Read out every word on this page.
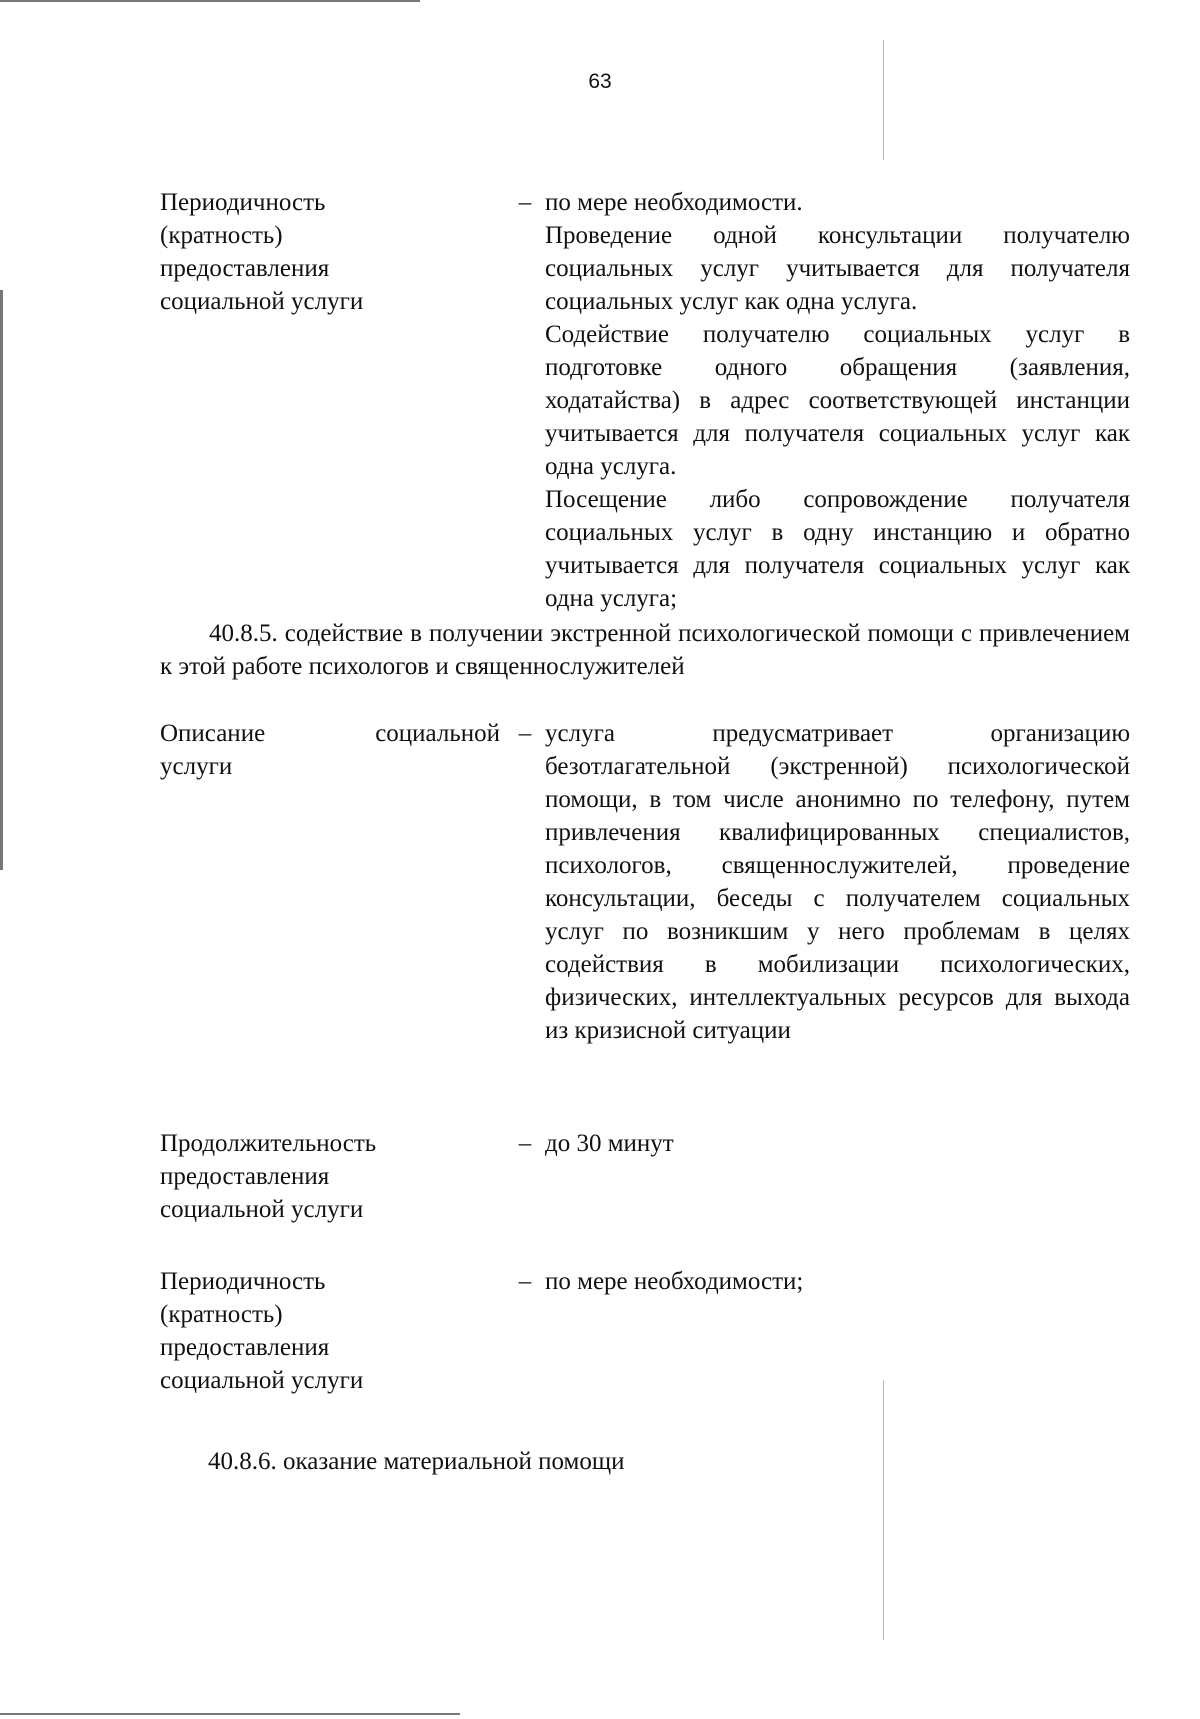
63
Периодичность (кратность) предоставления социальной услуги
– по мере необходимости.

Проведение одной консультации получателю социальных услуг учитывается для получателя социальных услуг как одна услуга.

Содействие получателю социальных услуг в подготовке одного обращения (заявления, ходатайства) в адрес соответствующей инстанции учитывается для получателя социальных услуг как одна услуга.

Посещение либо сопровождение получателя социальных услуг в одну инстанцию и обратно учитывается для получателя социальных услуг как одна услуга;

40.8.5. содействие в получении экстренной психологической помощи с привлечением к этой работе психологов и священнослужителей

Описание	социальной
услуги
– услуга предусматривает организацию безотлагательной (экстренной) психологической помощи, в том числе анонимно по телефону, путем привлечения квалифицированных специалистов, психологов, священнослужителей, проведение консультации, беседы с получателем социальных услуг по возникшим у него проблемам в целях содействия в мобилизации психологических, физических, интеллектуальных ресурсов для выхода из кризисной ситуации

Продолжительность предоставления социальной услуги
– до 30 минут
Периодичность (кратность) предоставления социальной услуги
– по мере необходимости;

40.8.6. оказание материальной помощи
